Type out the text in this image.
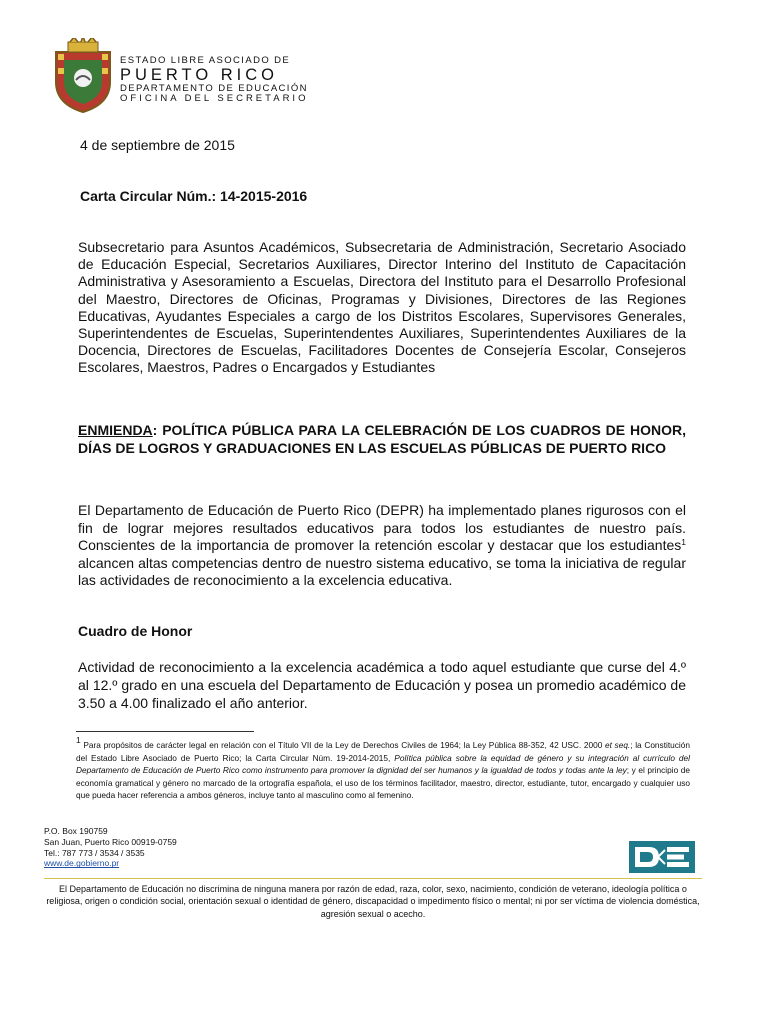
ESTADO LIBRE ASOCIADO DE
PUERTO RICO
DEPARTAMENTO DE EDUCACIÓN
OFICINA DEL SECRETARIO
4 de septiembre de 2015
Carta Circular Núm.: 14-2015-2016
Subsecretario para Asuntos Académicos, Subsecretaria de Administración, Secretario Asociado de Educación Especial, Secretarios Auxiliares, Director Interino del Instituto de Capacitación Administrativa y Asesoramiento a Escuelas, Directora del Instituto para el Desarrollo Profesional del Maestro, Directores de Oficinas, Programas y Divisiones, Directores de las Regiones Educativas, Ayudantes Especiales a cargo de los Distritos Escolares, Supervisores Generales, Superintendentes de Escuelas, Superintendentes Auxiliares, Superintendentes Auxiliares de la Docencia, Directores de Escuelas, Facilitadores Docentes de Consejería Escolar, Consejeros Escolares, Maestros, Padres o Encargados y Estudiantes
ENMIENDA: POLÍTICA PÚBLICA PARA LA CELEBRACIÓN DE LOS CUADROS DE HONOR, DÍAS DE LOGROS Y GRADUACIONES EN LAS ESCUELAS PÚBLICAS DE PUERTO RICO
El Departamento de Educación de Puerto Rico (DEPR) ha implementado planes rigurosos con el fin de lograr mejores resultados educativos para todos los estudiantes de nuestro país. Conscientes de la importancia de promover la retención escolar y destacar que los estudiantes$^1$ alcancen altas competencias dentro de nuestro sistema educativo, se toma la iniciativa de regular las actividades de reconocimiento a la excelencia educativa.
Cuadro de Honor
Actividad de reconocimiento a la excelencia académica a todo aquel estudiante que curse del 4.º al 12.º grado en una escuela del Departamento de Educación y posea un promedio académico de 3.50 a 4.00 finalizado el año anterior.
$^1$ Para propósitos de carácter legal en relación con el Título VII de la Ley de Derechos Civiles de 1964; la Ley Pública 88-352, 42 USC. 2000 et seq.; la Constitución del Estado Libre Asociado de Puerto Rico; la Carta Circular Núm. 19-2014-2015, Política pública sobre la equidad de género y su integración al currículo del Departamento de Educación de Puerto Rico como instrumento para promover la dignidad del ser humanos y la igualdad de todos y todas ante la ley; y el principio de economía gramatical y género no marcado de la ortografía española, el uso de los términos facilitador, maestro, director, estudiante, tutor, encargado y cualquier uso que pueda hacer referencia a ambos géneros, incluye tanto al masculino como al femenino.
P.O. Box 190759
San Juan, Puerto Rico 00919-0759
Tel.: 787 773 / 3534 / 3535
www.de.gobierno.pr
El Departamento de Educación no discrimina de ninguna manera por razón de edad, raza, color, sexo, nacimiento, condición de veterano, ideología política o religiosa, origen o condición social, orientación sexual o identidad de género, discapacidad o impedimento físico o mental; ni por ser víctima de violencia doméstica, agresión sexual o acecho.
